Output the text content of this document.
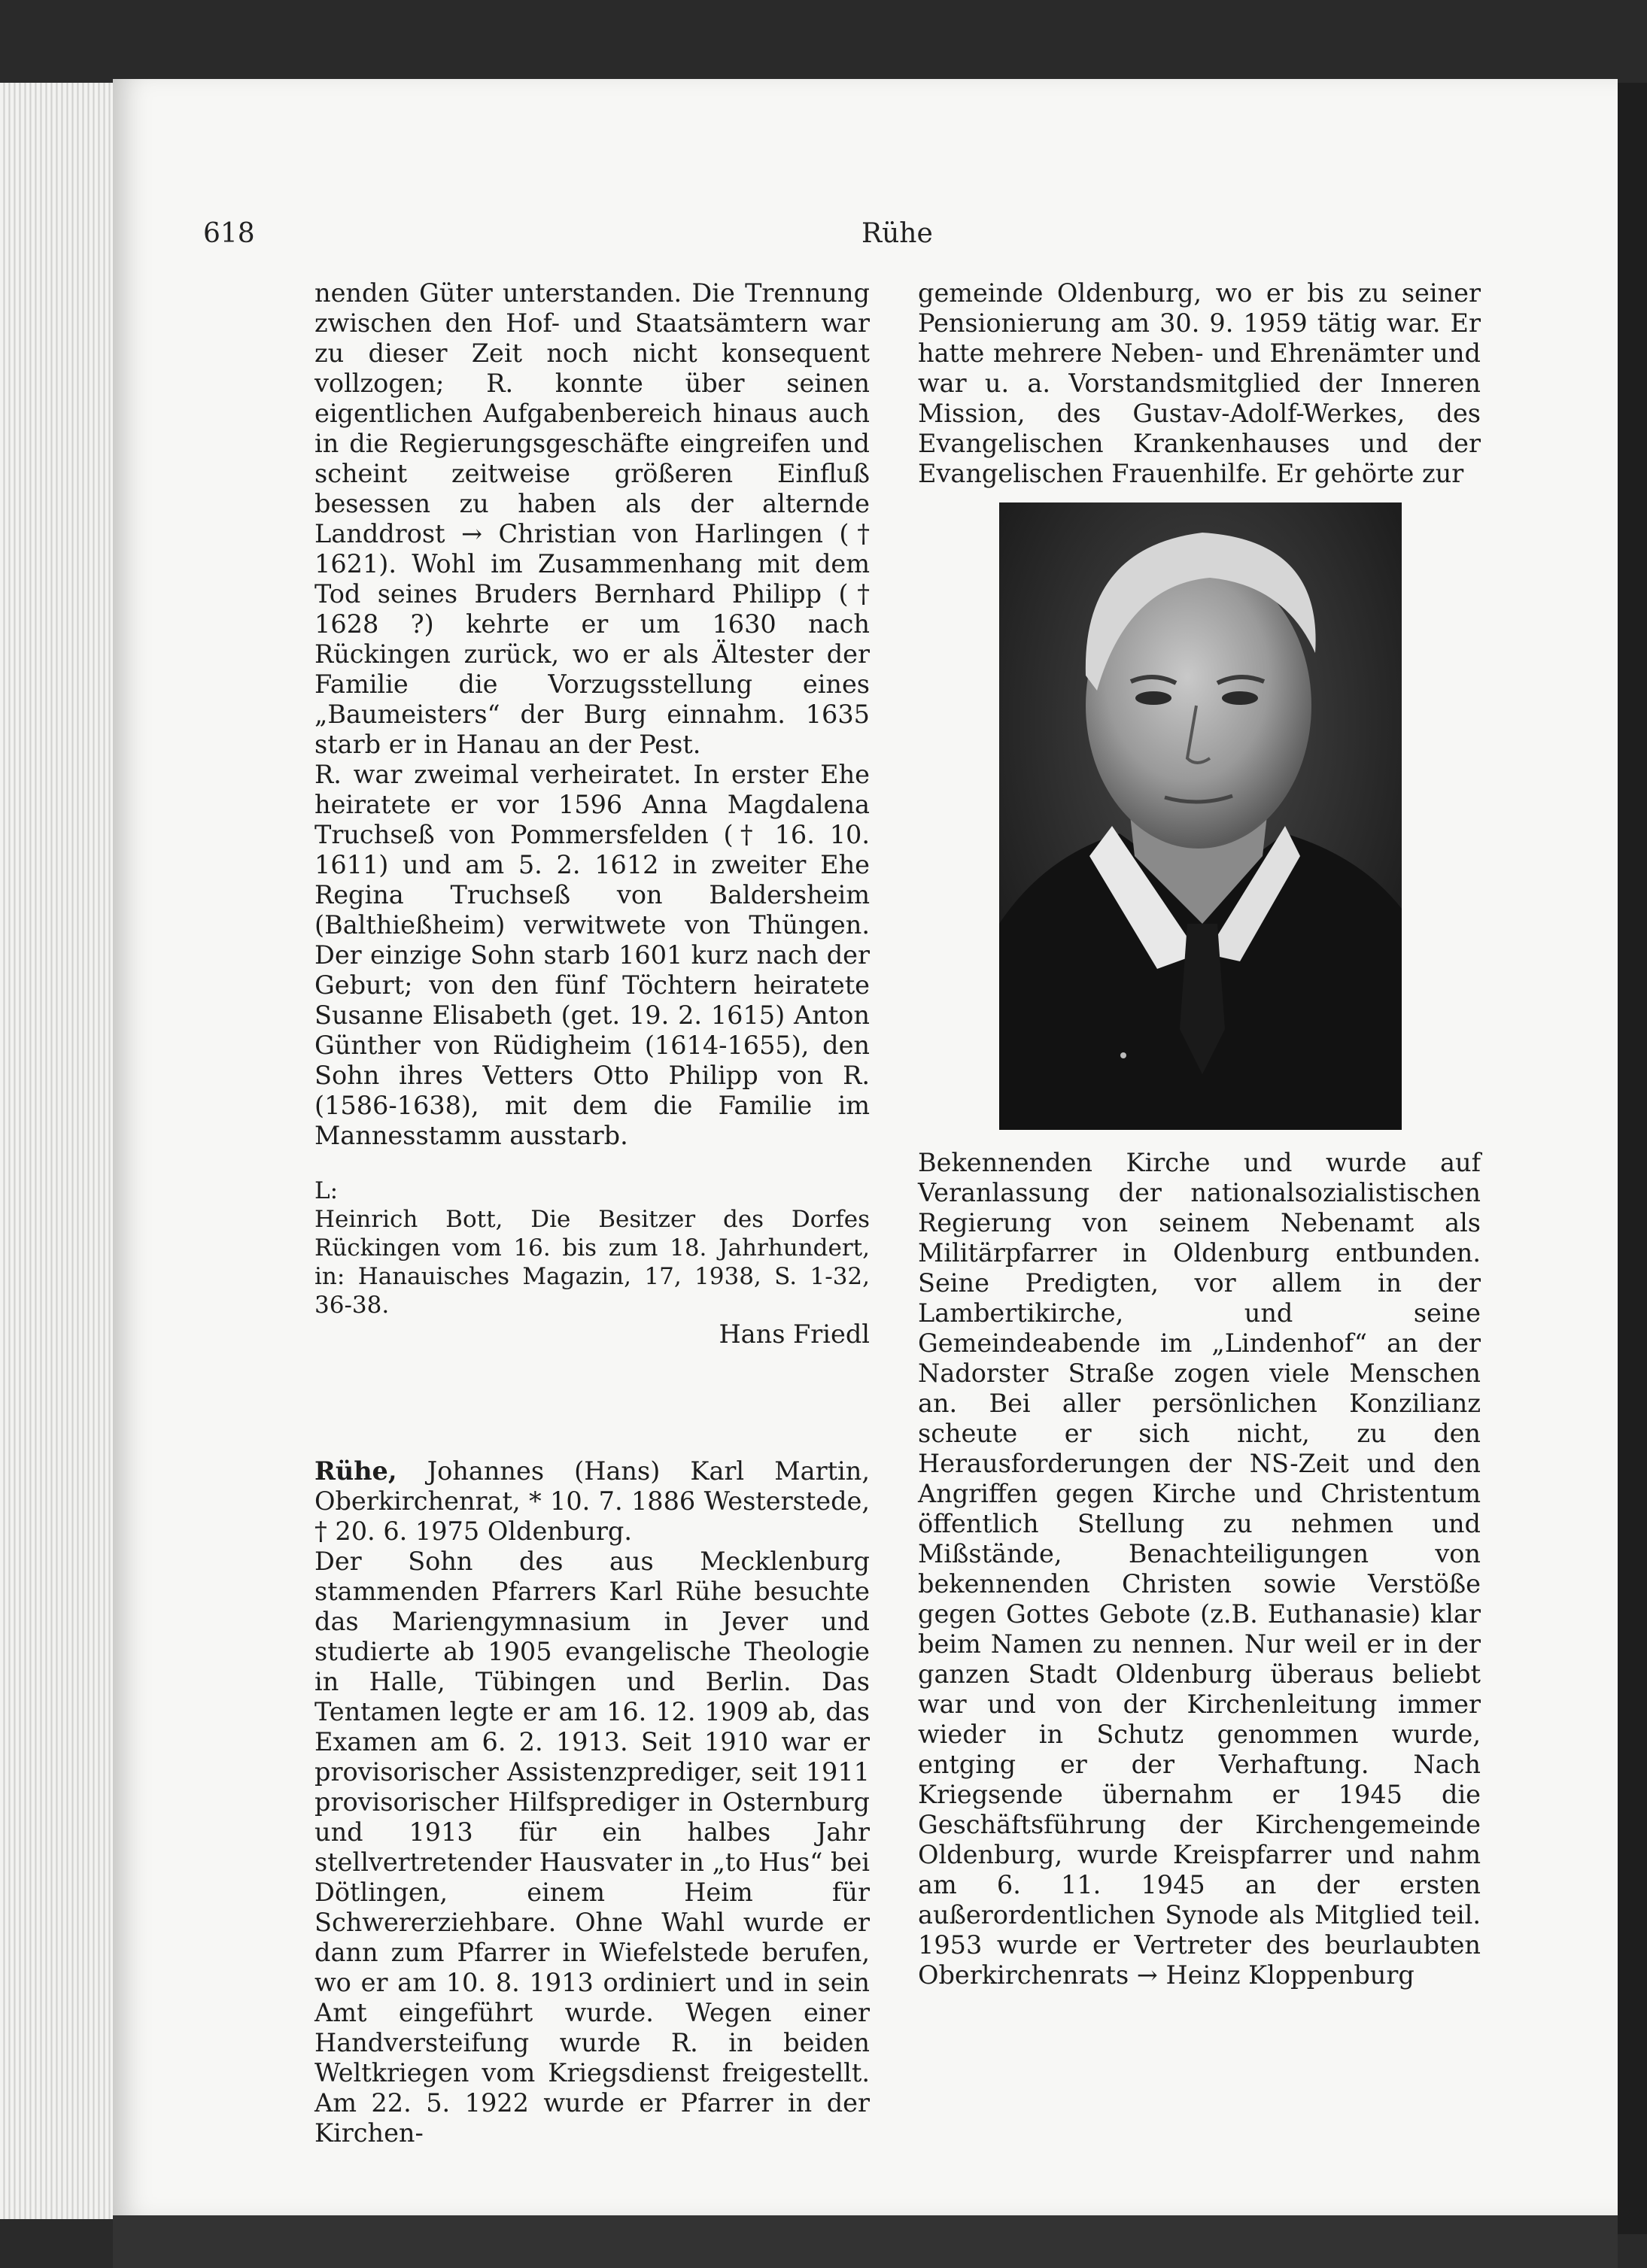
618	Rühe

nenden Güter unterstanden. Die Trennung zwischen den Hof- und Staatsämtern war zu dieser Zeit noch nicht konsequent vollzogen; R. konnte über seinen eigentlichen Aufgabenbereich hinaus auch in die Regierungsgeschäfte eingreifen und scheint zeitweise größeren Einfluß besessen zu haben als der alternde Landdrost → Christian von Harlingen († 1621). Wohl im Zusammenhang mit dem Tod seines Bruders Bernhard Philipp († 1628 ?) kehrte er um 1630 nach Rückingen zurück, wo er als Ältester der Familie die Vorzugsstellung eines „Baumeisters“ der Burg einnahm. 1635 starb er in Hanau an der Pest.

R. war zweimal verheiratet. In erster Ehe heiratete er vor 1596 Anna Magdalena Truchseß von Pommersfelden († 16. 10. 1611) und am 5. 2. 1612 in zweiter Ehe Regina Truchseß von Baldersheim (Balthießheim) verwitwete von Thüngen. Der einzige Sohn starb 1601 kurz nach der Geburt; von den fünf Töchtern heiratete Susanne Elisabeth (get. 19. 2. 1615) Anton Günther von Rüdigheim (1614-1655), den Sohn ihres Vetters Otto Philipp von R. (1586-1638), mit dem die Familie im Mannesstamm ausstarb.

L:

Heinrich Bott, Die Besitzer des Dorfes Rückingen vom 16. bis zum 18. Jahrhundert, in: Hanauisches Magazin, 17, 1938, S. 1-32, 36-38.

Hans Friedl

Rühe, Johannes (Hans) Karl Martin, Oberkirchenrat, * 10. 7. 1886 Westerstede, † 20. 6. 1975 Oldenburg.

Der Sohn des aus Mecklenburg stammenden Pfarrers Karl Rühe besuchte das Mariengymnasium in Jever und studierte ab 1905 evangelische Theologie in Halle, Tübingen und Berlin. Das Tentamen legte er am 16. 12. 1909 ab, das Examen am 6. 2. 1913. Seit 1910 war er provisorischer Assistenzprediger, seit 1911 provisorischer Hilfsprediger in Osternburg und 1913 für ein halbes Jahr stellvertretender Hausvater in „to Hus“ bei Dötlingen, einem Heim für Schwererziehbare. Ohne Wahl wurde er dann zum Pfarrer in Wiefelstede berufen, wo er am 10. 8. 1913 ordiniert und in sein Amt eingeführt wurde. Wegen einer Handversteifung wurde R. in beiden Weltkriegen vom Kriegsdienst freigestellt. Am 22. 5. 1922 wurde er Pfarrer in der Kirchen-

gemeinde Oldenburg, wo er bis zu seiner Pensionierung am 30. 9. 1959 tätig war. Er hatte mehrere Neben- und Ehrenämter und war u. a. Vorstandsmitglied der Inneren Mission, des Gustav-Adolf-Werkes, des Evangelischen Krankenhauses und der Evangelischen Frauenhilfe. Er gehörte zur

Bekennenden Kirche und wurde auf Veranlassung der nationalsozialistischen Regierung von seinem Nebenamt als Militärpfarrer in Oldenburg entbunden. Seine Predigten, vor allem in der Lambertikirche, und seine Gemeindeabende im „Lindenhof“ an der Nadorster Straße zogen viele Menschen an. Bei aller persönlichen Konzilianz scheute er sich nicht, zu den Herausforderungen der NS-Zeit und den Angriffen gegen Kirche und Christentum öffentlich Stellung zu nehmen und Mißstände, Benachteiligungen von bekennenden Christen sowie Verstöße gegen Gottes Gebote (z.B. Euthanasie) klar beim Namen zu nennen. Nur weil er in der ganzen Stadt Oldenburg überaus beliebt war und von der Kirchenleitung immer wieder in Schutz genommen wurde, entging er der Verhaftung. Nach Kriegsende übernahm er 1945 die Geschäftsführung der Kirchengemeinde Oldenburg, wurde Kreispfarrer und nahm am 6. 11. 1945 an der ersten außerordentlichen Synode als Mitglied teil. 1953 wurde er Vertreter des beurlaubten Oberkirchenrats → Heinz Kloppenburg
